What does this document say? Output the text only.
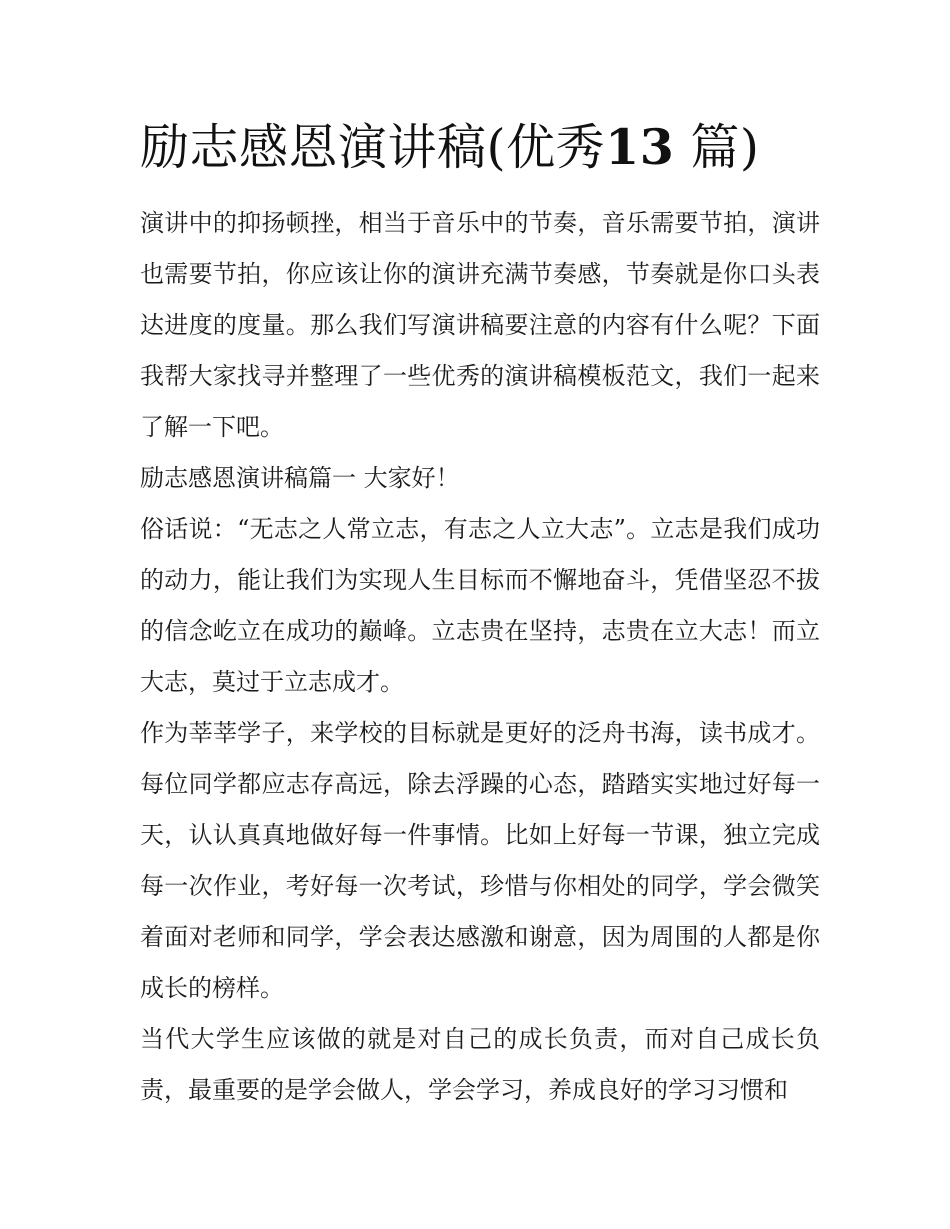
励志感恩演讲稿(优秀13 篇)

演讲中的抑扬顿挫，相当于音乐中的节奏，音乐需要节拍，演讲也需要节拍，你应该让你的演讲充满节奏感，节奏就是你口头表达进度的度量。那么我们写演讲稿要注意的内容有什么呢？下面我帮大家找寻并整理了一些优秀的演讲稿模板范文，我们一起来了解一下吧。

励志感恩演讲稿篇一 大家好！

俗话说：“无志之人常立志，有志之人立大志”。立志是我们成功的动力，能让我们为实现人生目标而不懈地奋斗，凭借坚忍不拔的信念屹立在成功的巅峰。立志贵在坚持，志贵在立大志！而立大志，莫过于立志成才。

作为莘莘学子，来学校的目标就是更好的泛舟书海，读书成才。每位同学都应志存高远，除去浮躁的心态，踏踏实实地过好每一天，认认真真地做好每一件事情。比如上好每一节课，独立完成每一次作业，考好每一次考试，珍惜与你相处的同学，学会微笑着面对老师和同学，学会表达感激和谢意，因为周围的人都是你成长的榜样。

当代大学生应该做的就是对自己的成长负责，而对自己成长负责，最重要的是学会做人，学会学习，养成良好的学习习惯和
